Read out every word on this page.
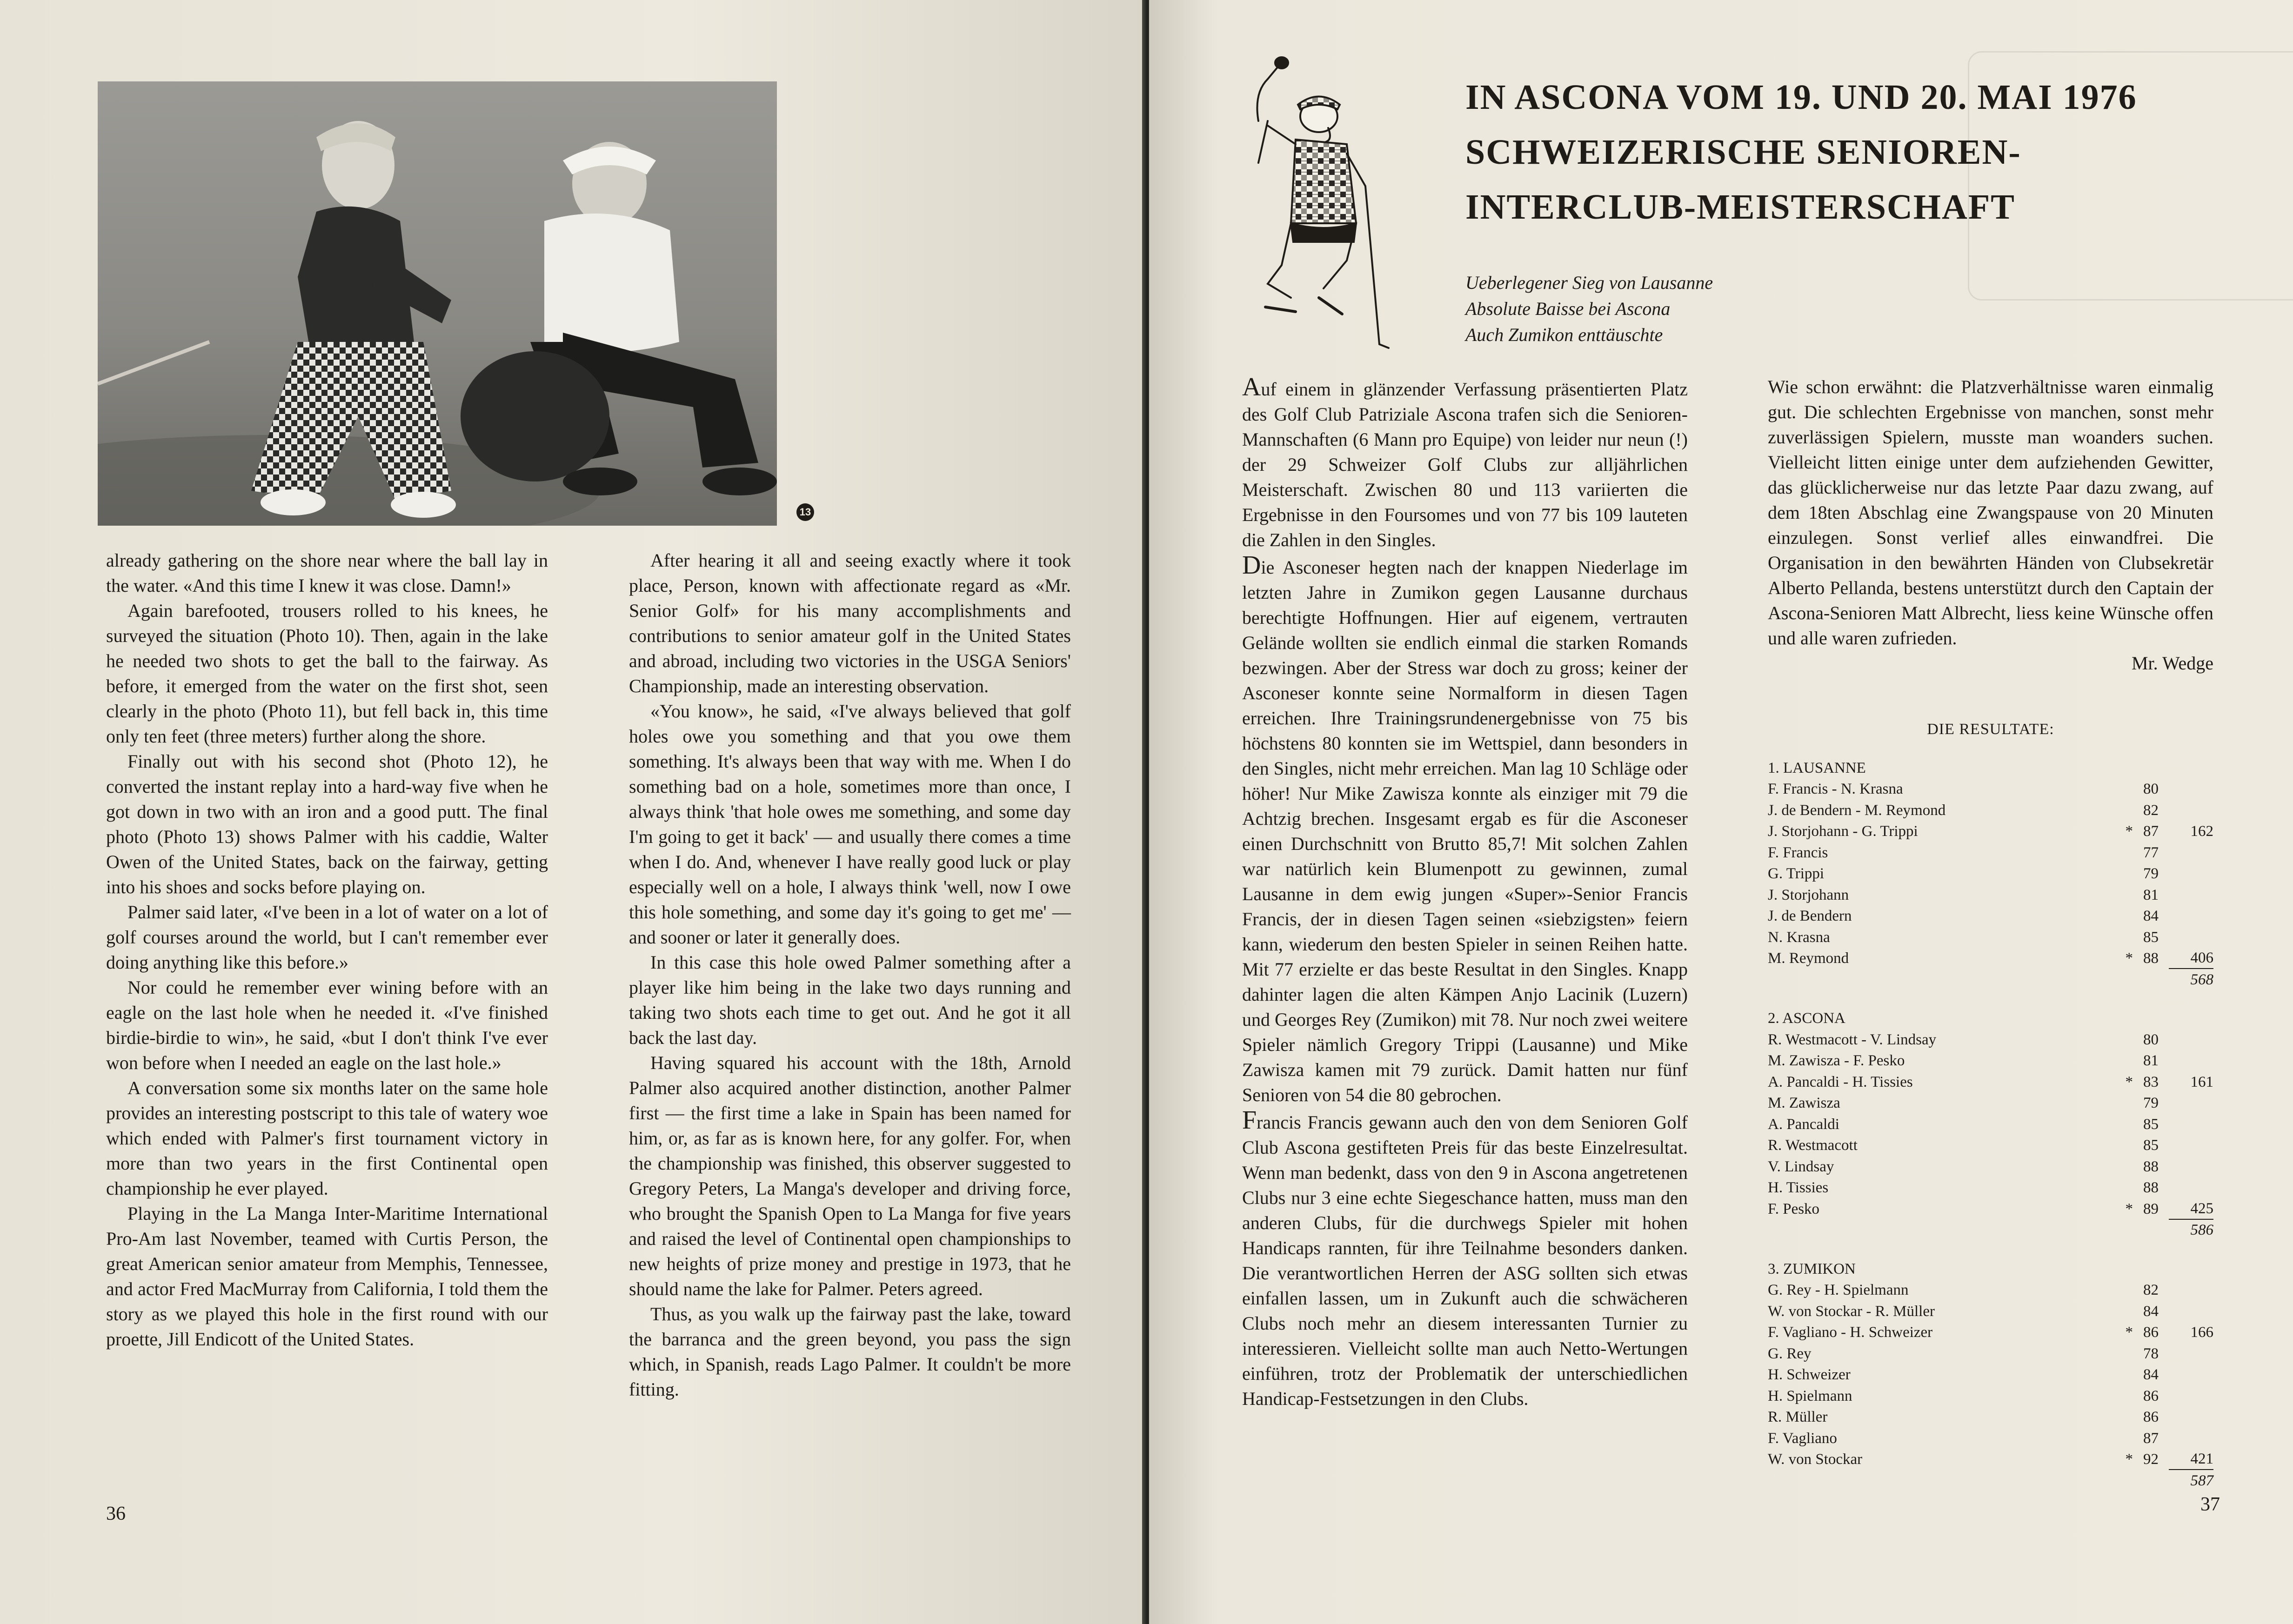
13

already gathering on the shore near where the ball lay in the water. «And this time I knew it was close. Damn!»

Again barefooted, trousers rolled to his knees, he surveyed the situation (Photo 10). Then, again in the lake he needed two shots to get the ball to the fairway. As before, it emerged from the water on the first shot, seen clearly in the photo (Photo 11), but fell back in, this time only ten feet (three meters) further along the shore.

Finally out with his second shot (Photo 12), he converted the instant replay into a hard-way five when he got down in two with an iron and a good putt. The final photo (Photo 13) shows Palmer with his caddie, Walter Owen of the United States, back on the fairway, getting into his shoes and socks before playing on.

Palmer said later, «I've been in a lot of water on a lot of golf courses around the world, but I can't remember ever doing anything like this before.»

Nor could he remember ever wining before with an eagle on the last hole when he needed it. «I've finished birdie-birdie to win», he said, «but I don't think I've ever won before when I needed an eagle on the last hole.»

A conversation some six months later on the same hole provides an interesting postscript to this tale of watery woe which ended with Palmer's first tournament victory in more than two years in the first Continental open championship he ever played.

Playing in the La Manga Inter-Maritime International Pro-Am last November, teamed with Curtis Person, the great American senior amateur from Memphis, Tennessee, and actor Fred MacMurray from California, I told them the story as we played this hole in the first round with our proette, Jill Endicott of the United States.

After hearing it all and seeing exactly where it took place, Person, known with affectionate regard as «Mr. Senior Golf» for his many accomplishments and contributions to senior amateur golf in the United States and abroad, including two victories in the USGA Seniors' Championship, made an interesting observation.

«You know», he said, «I've always believed that golf holes owe you something and that you owe them something. It's always been that way with me. When I do something bad on a hole, sometimes more than once, I always think 'that hole owes me something, and some day I'm going to get it back' — and usually there comes a time when I do. And, whenever I have really good luck or play especially well on a hole, I always think 'well, now I owe this hole something, and some day it's going to get me' — and sooner or later it generally does.

In this case this hole owed Palmer something after a player like him being in the lake two days running and taking two shots each time to get out. And he got it all back the last day.

Having squared his account with the 18th, Arnold Palmer also acquired another distinction, another Palmer first — the first time a lake in Spain has been named for him, or, as far as is known here, for any golfer. For, when the championship was finished, this observer suggested to Gregory Peters, La Manga's developer and driving force, who brought the Spanish Open to La Manga for five years and raised the level of Continental open championships to new heights of prize money and prestige in 1973, that he should name the lake for Palmer. Peters agreed.

Thus, as you walk up the fairway past the lake, toward the barranca and the green beyond, you pass the sign which, in Spanish, reads Lago Palmer. It couldn't be more fitting.

36
IN ASCONA VOM 19. UND 20. MAI 1976
SCHWEIZERISCHE SENIOREN-
INTERCLUB-MEISTERSCHAFT
Ueberlegener Sieg von Lausanne
Absolute Baisse bei Ascona
Auch Zumikon enttäuschte

Auf einem in glänzender Verfassung präsentierten Platz des Golf Club Patriziale Ascona trafen sich die Senioren-Mannschaften (6 Mann pro Equipe) von leider nur neun (!) der 29 Schweizer Golf Clubs zur alljährlichen Meisterschaft. Zwischen 80 und 113 variierten die Ergebnisse in den Foursomes und von 77 bis 109 lauteten die Zahlen in den Singles.

Die Asconeser hegten nach der knappen Niederlage im letzten Jahre in Zumikon gegen Lausanne durchaus berechtigte Hoffnungen. Hier auf eigenem, vertrauten Gelände wollten sie endlich einmal die starken Romands bezwingen. Aber der Stress war doch zu gross; keiner der Asconeser konnte seine Normalform in diesen Tagen erreichen. Ihre Trainingsrundenergebnisse von 75 bis höchstens 80 konnten sie im Wettspiel, dann besonders in den Singles, nicht mehr erreichen. Man lag 10 Schläge oder höher! Nur Mike Zawisza konnte als einziger mit 79 die Achtzig brechen. Insgesamt ergab es für die Asconeser einen Durchschnitt von Brutto 85,7! Mit solchen Zahlen war natürlich kein Blumenpott zu gewinnen, zumal Lausanne in dem ewig jungen «Super»-Senior Francis Francis, der in diesen Tagen seinen «siebzigsten» feiern kann, wiederum den besten Spieler in seinen Reihen hatte. Mit 77 erzielte er das beste Resultat in den Singles. Knapp dahinter lagen die alten Kämpen Anjo Lacinik (Luzern) und Georges Rey (Zumikon) mit 78. Nur noch zwei weitere Spieler nämlich Gregory Trippi (Lausanne) und Mike Zawisza kamen mit 79 zurück. Damit hatten nur fünf Senioren von 54 die 80 gebrochen.

Francis Francis gewann auch den von dem Senioren Golf Club Ascona gestifteten Preis für das beste Einzelresultat. Wenn man bedenkt, dass von den 9 in Ascona angetretenen Clubs nur 3 eine echte Siegeschance hatten, muss man den anderen Clubs, für die durchwegs Spieler mit hohen Handicaps rannten, für ihre Teilnahme besonders danken. Die verantwortlichen Herren der ASG sollten sich etwas einfallen lassen, um in Zukunft auch die schwächeren Clubs noch mehr an diesem interessanten Turnier zu interessieren. Vielleicht sollte man auch Netto-Wertungen einführen, trotz der Problematik der unterschiedlichen Handicap-Festsetzungen in den Clubs.

Wie schon erwähnt: die Platzverhältnisse waren einmalig gut. Die schlechten Ergebnisse von manchen, sonst mehr zuverlässigen Spielern, musste man woanders suchen. Vielleicht litten einige unter dem aufziehenden Gewitter, das glücklicherweise nur das letzte Paar dazu zwang, auf dem 18ten Abschlag eine Zwangspause von 20 Minuten einzulegen. Sonst verlief alles einwandfrei. Die Organisation in den bewährten Händen von Clubsekretär Alberto Pellanda, bestens unterstützt durch den Captain der Ascona-Senioren Matt Albrecht, liess keine Wünsche offen und alle waren zufrieden.

Mr. Wedge

DIE RESULTATE:
1. LAUSANNE
F. Francis - N. Krasna	80
J. de Bendern - M. Reymond	82
J. Storjohann - G. Trippi	* 87	162
F. Francis	77
G. Trippi	79
J. Storjohann	81
J. de Bendern	84
N. Krasna	85
M. Reymond	* 88	406
568
2. ASCONA
R. Westmacott - V. Lindsay	80
M. Zawisza - F. Pesko	81
A. Pancaldi - H. Tissies	* 83	161
M. Zawisza	79
A. Pancaldi	85
R. Westmacott	85
V. Lindsay	88
H. Tissies	88
F. Pesko	* 89	425
586
3. ZUMIKON
G. Rey - H. Spielmann	82
W. von Stockar - R. Müller	84
F. Vagliano - H. Schweizer	* 86	166
G. Rey	78
H. Schweizer	84
H. Spielmann	86
R. Müller	86
F. Vagliano	87
W. von Stockar	* 92	421
587
37
